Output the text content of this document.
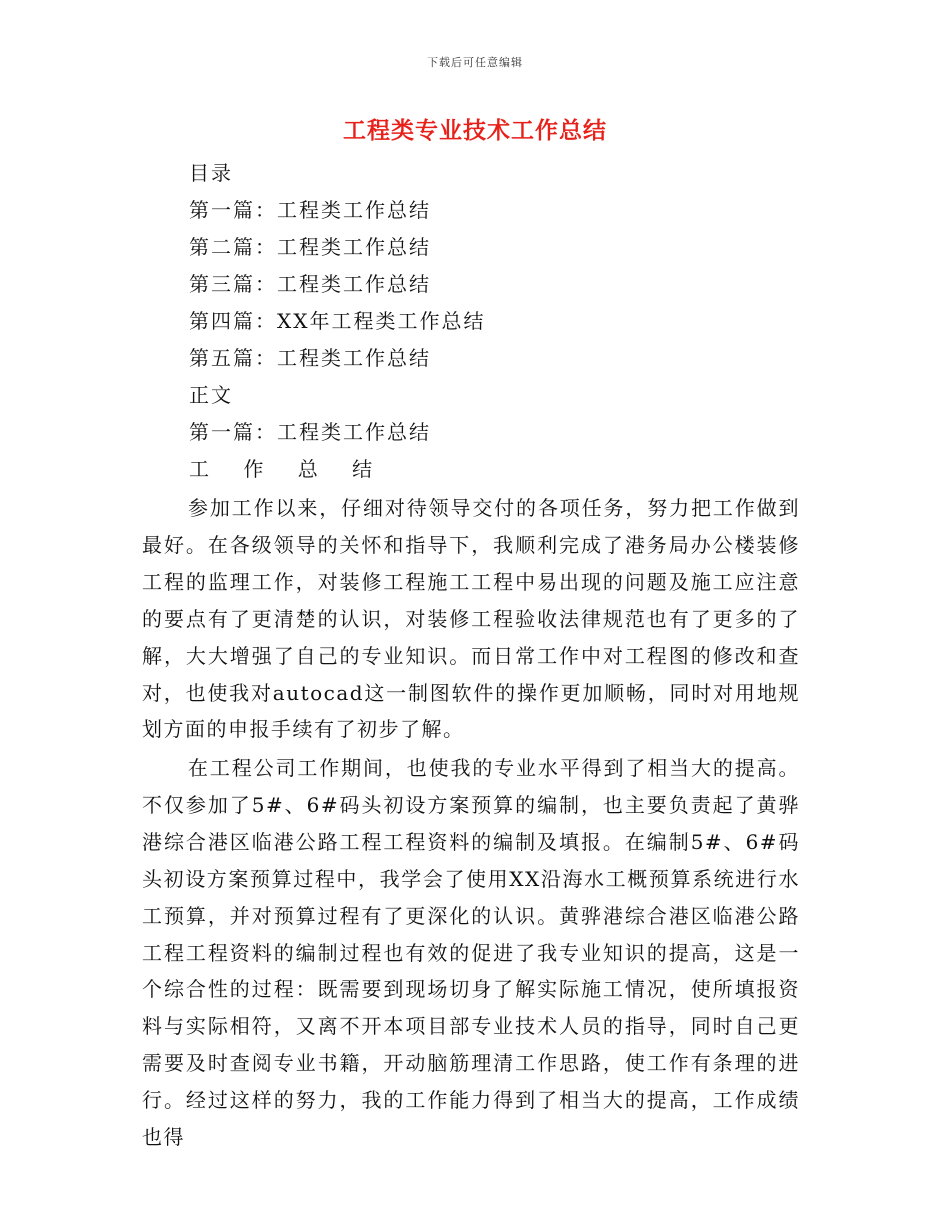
下载后可任意编辑
工程类专业技术工作总结
目录
第一篇：工程类工作总结
第二篇：工程类工作总结
第三篇：工程类工作总结
第四篇：XX年工程类工作总结
第五篇：工程类工作总结
正文
第一篇：工程类工作总结
工 作 总 结

参加工作以来，仔细对待领导交付的各项任务，努力把工作做到最好。在各级领导的关怀和指导下，我顺利完成了港务局办公楼装修工程的监理工作，对装修工程施工工程中易出现的问题及施工应注意的要点有了更清楚的认识，对装修工程验收法律规范也有了更多的了解，大大增强了自己的专业知识。而日常工作中对工程图的修改和查对，也使我对autocad这一制图软件的操作更加顺畅，同时对用地规划方面的申报手续有了初步了解。

在工程公司工作期间，也使我的专业水平得到了相当大的提高。不仅参加了5#、6#码头初设方案预算的编制，也主要负责起了黄骅港综合港区临港公路工程工程资料的编制及填报。在编制5#、6#码头初设方案预算过程中，我学会了使用XX沿海水工概预算系统进行水工预算，并对预算过程有了更深化的认识。黄骅港综合港区临港公路工程工程资料的编制过程也有效的促进了我专业知识的提高，这是一个综合性的过程：既需要到现场切身了解实际施工情况，使所填报资料与实际相符，又离不开本项目部专业技术人员的指导，同时自己更需要及时查阅专业书籍，开动脑筋理清工作思路，使工作有条理的进行。经过这样的努力，我的工作能力得到了相当大的提高，工作成绩也得
